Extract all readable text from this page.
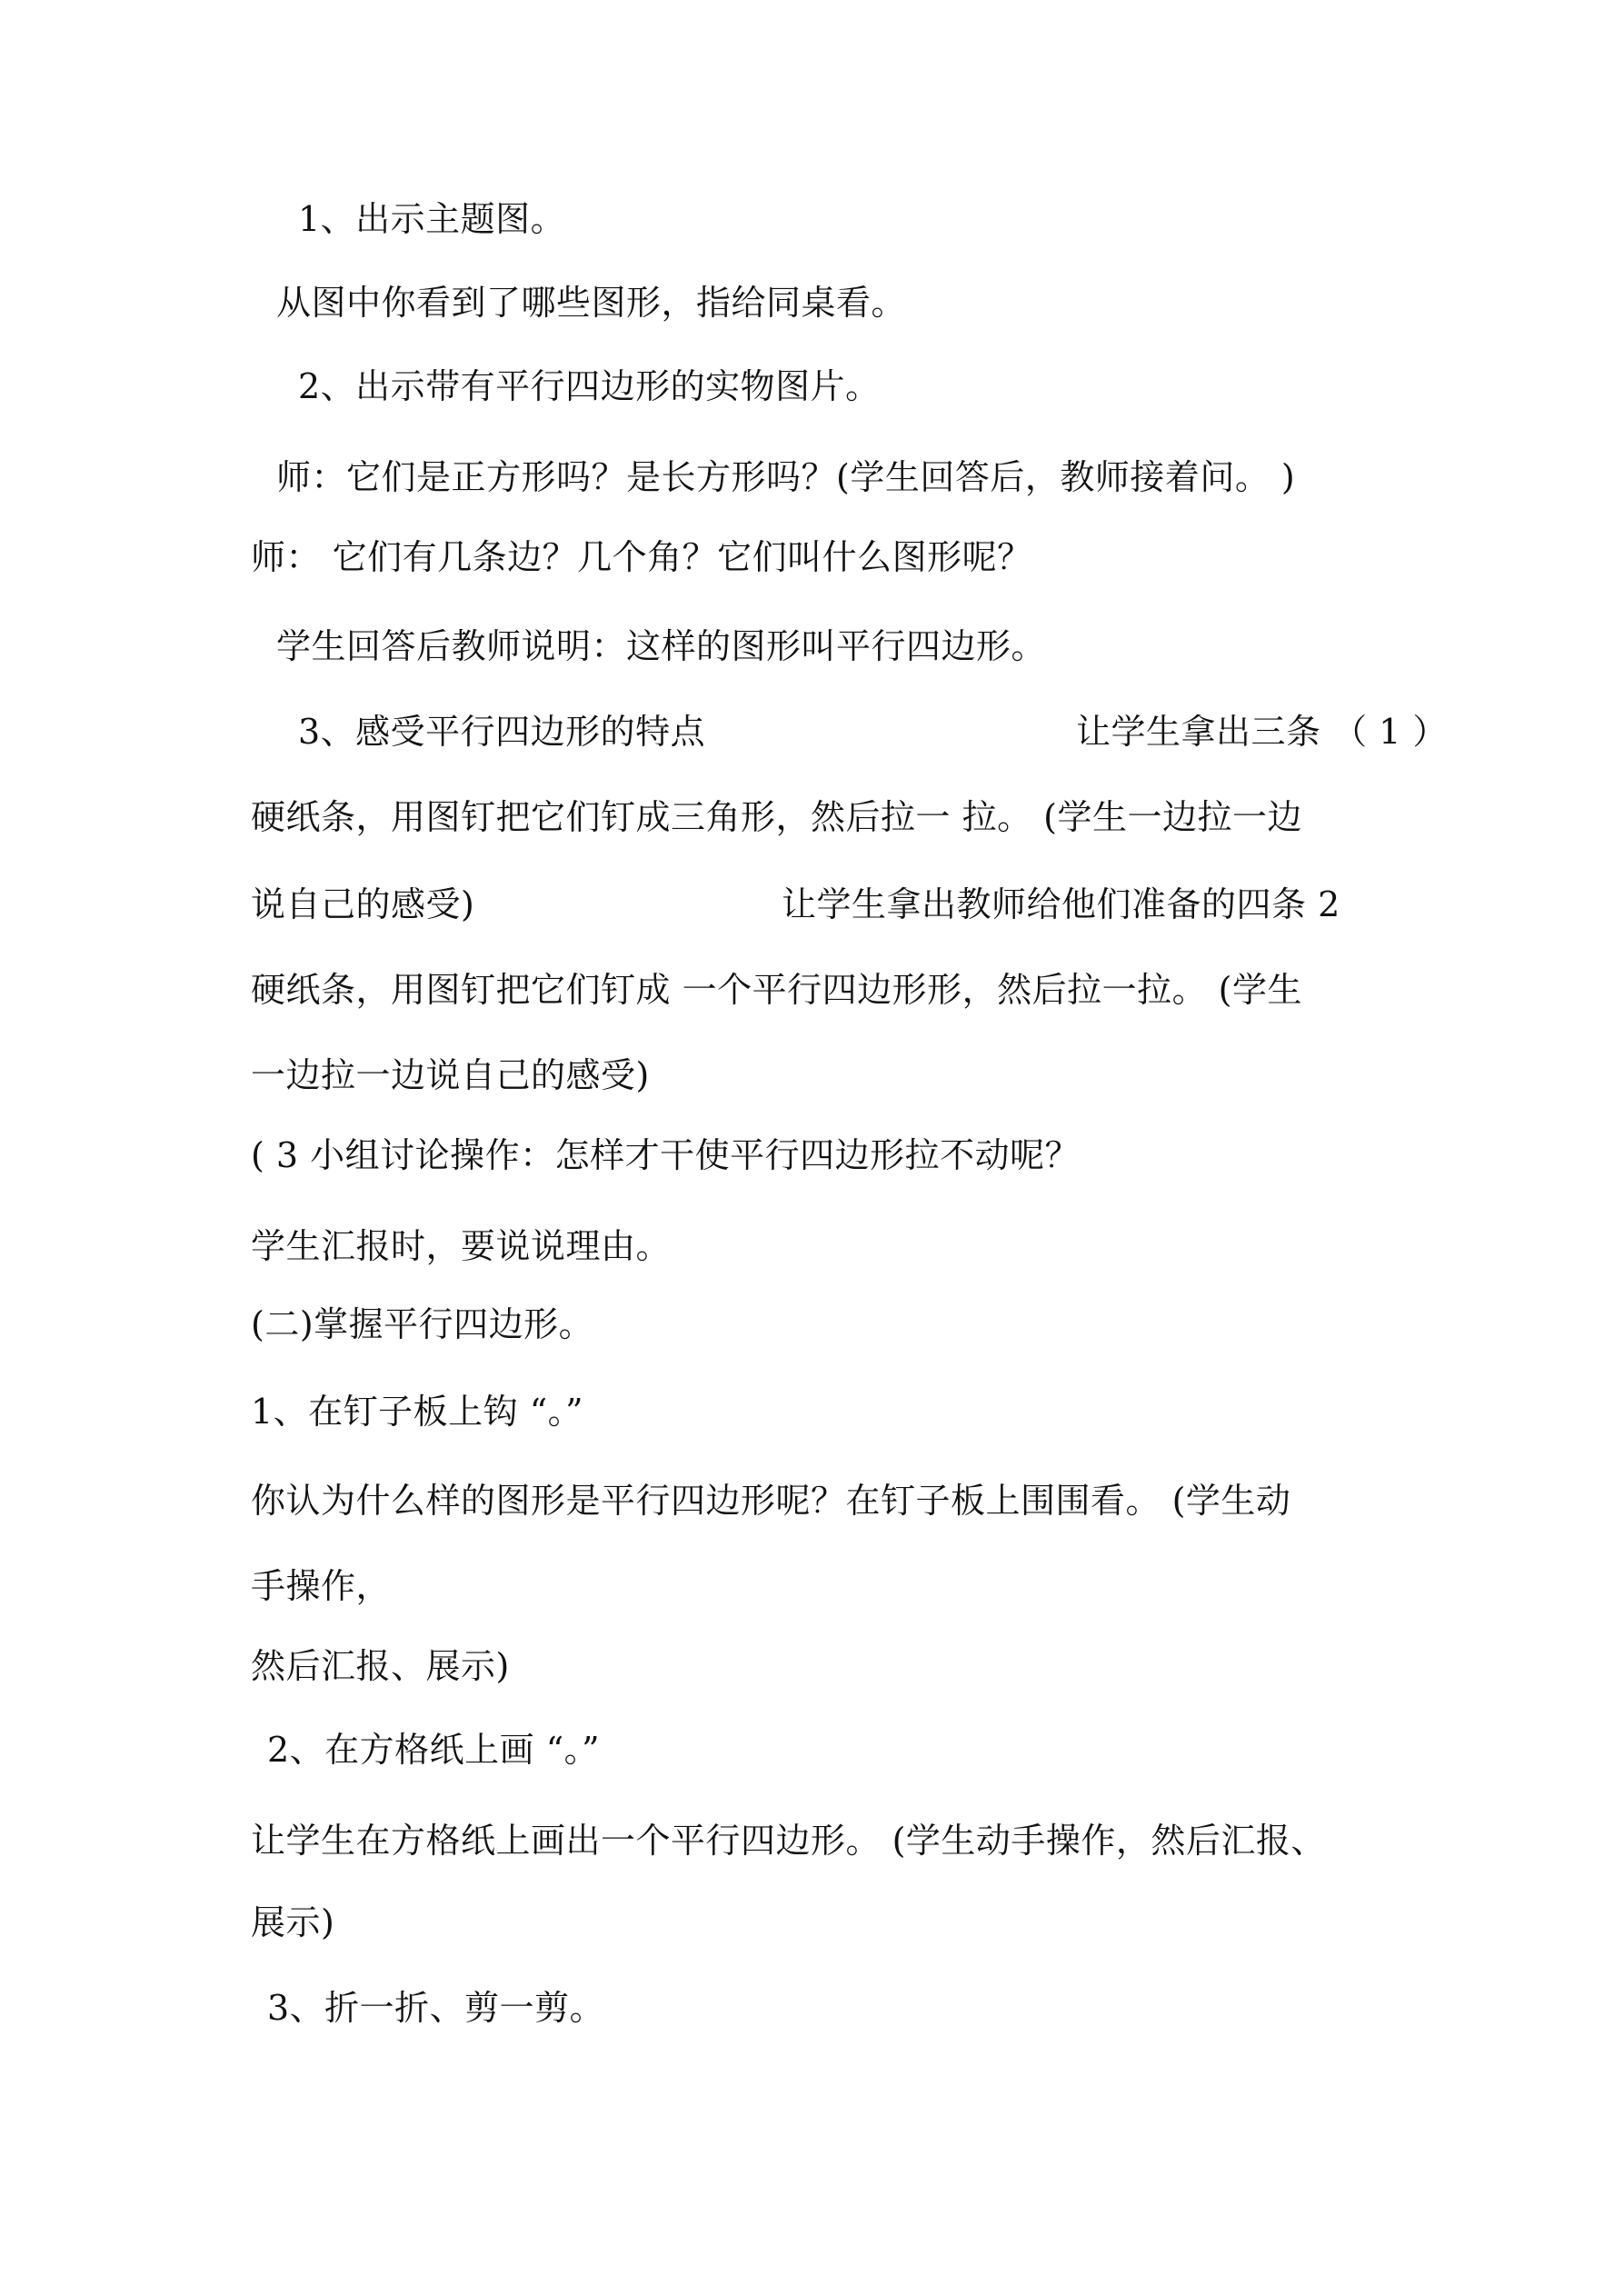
1、出示主题图。
从图中你看到了哪些图形，指给同桌看。
2、出示带有平行四边形的实物图片。
师：它们是正方形吗？是长方形吗？(学生回答后，教师接着问。 )
师： 它们有几条边？几个角？它们叫什么图形呢？
学生回答后教师说明：这样的图形叫平行四边形。
3、感受平行四边形的特点	让学生拿出三条 （ 1 ）
硬纸条，用图钉把它们钉成三角形，然后拉一 拉。 (学生一边拉一边
说自己的感受)	让学生拿出教师给他们准备的四条 2
硬纸条，用图钉把它们钉成 一个平行四边形形，然后拉一拉。 (学生
一边拉一边说自己的感受)
( 3 小组讨论操作：怎样才干使平行四边形拉不动呢？
学生汇报时，要说说理由。
(二)掌握平行四边形。
1、在钉子板上钩 “。”
你认为什么样的图形是平行四边形呢？在钉子板上围围看。 (学生动
手操作，
然后汇报、展示)
2、在方格纸上画 “。”
让学生在方格纸上画出一个平行四边形。 (学生动手操作，然后汇报、
展示)
3、折一折、剪一剪。
